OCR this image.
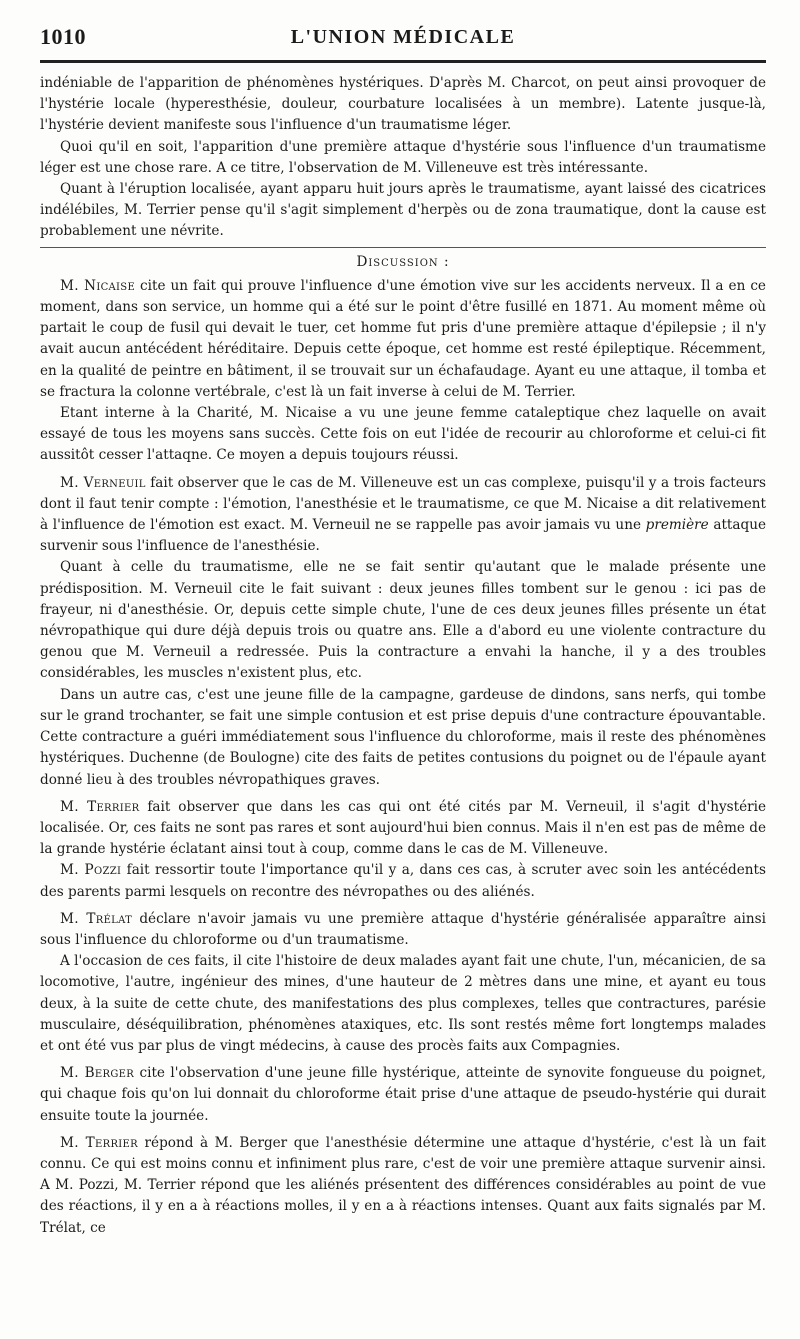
1010	L'UNION MÉDICALE

indéniable de l'apparition de phénomènes hystériques. D'après M. Charcot, on peut ainsi provoquer de l'hystérie locale (hyperesthésie, douleur, courbature localisées à un membre). Latente jusque-là, l'hystérie devient manifeste sous l'influence d'un traumatisme léger.

Quoi qu'il en soit, l'apparition d'une première attaque d'hystérie sous l'influence d'un traumatisme léger est une chose rare. A ce titre, l'observation de M. Villeneuve est très intéressante.

Quant à l'éruption localisée, ayant apparu huit jours après le traumatisme, ayant laissé des cicatrices indélébiles, M. Terrier pense qu'il s'agit simplement d'herpès ou de zona traumatique, dont la cause est probablement une névrite.

Discussion :

M. Nicaise cite un fait qui prouve l'influence d'une émotion vive sur les accidents nerveux. Il a en ce moment, dans son service, un homme qui a été sur le point d'être fusillé en 1871. Au moment même où partait le coup de fusil qui devait le tuer, cet homme fut pris d'une première attaque d'épilepsie ; il n'y avait aucun antécédent héréditaire. Depuis cette époque, cet homme est resté épileptique. Récemment, en la qualité de peintre en bâtiment, il se trouvait sur un échafaudage. Ayant eu une attaque, il tomba et se fractura la colonne vertébrale, c'est là un fait inverse à celui de M. Terrier.

Etant interne à la Charité, M. Nicaise a vu une jeune femme cataleptique chez laquelle on avait essayé de tous les moyens sans succès. Cette fois on eut l'idée de recourir au chloroforme et celui-ci fit aussitôt cesser l'attaqne. Ce moyen a depuis toujours réussi.

M. Verneuil fait observer que le cas de M. Villeneuve est un cas complexe, puisqu'il y a trois facteurs dont il faut tenir compte : l'émotion, l'anesthésie et le traumatisme, ce que M. Nicaise a dit relativement à l'influence de l'émotion est exact. M. Verneuil ne se rappelle pas avoir jamais vu une première attaque survenir sous l'influence de l'anesthésie.

Quant à celle du traumatisme, elle ne se fait sentir qu'autant que le malade présente une prédisposition. M. Verneuil cite le fait suivant : deux jeunes filles tombent sur le genou : ici pas de frayeur, ni d'anesthésie. Or, depuis cette simple chute, l'une de ces deux jeunes filles présente un état névropathique qui dure déjà depuis trois ou quatre ans. Elle a d'abord eu une violente contracture du genou que M. Verneuil a redressée. Puis la contracture a envahi la hanche, il y a des troubles considérables, les muscles n'existent plus, etc.

Dans un autre cas, c'est une jeune fille de la campagne, gardeuse de dindons, sans nerfs, qui tombe sur le grand trochanter, se fait une simple contusion et est prise depuis d'une contracture épouvantable. Cette contracture a guéri immédiatement sous l'influence du chloroforme, mais il reste des phénomènes hystériques. Duchenne (de Boulogne) cite des faits de petites contusions du poignet ou de l'épaule ayant donné lieu à des troubles névropathiques graves.

M. Terrier fait observer que dans les cas qui ont été cités par M. Verneuil, il s'agit d'hystérie localisée. Or, ces faits ne sont pas rares et sont aujourd'hui bien connus. Mais il n'en est pas de même de la grande hystérie éclatant ainsi tout à coup, comme dans le cas de M. Villeneuve.

M. Pozzi fait ressortir toute l'importance qu'il y a, dans ces cas, à scruter avec soin les antécédents des parents parmi lesquels on recontre des névropathes ou des aliénés.

M. Trélat déclare n'avoir jamais vu une première attaque d'hystérie généralisée apparaître ainsi sous l'influence du chloroforme ou d'un traumatisme.

A l'occasion de ces faits, il cite l'histoire de deux malades ayant fait une chute, l'un, mécanicien, de sa locomotive, l'autre, ingénieur des mines, d'une hauteur de 2 mètres dans une mine, et ayant eu tous deux, à la suite de cette chute, des manifestations des plus complexes, telles que contractures, parésie musculaire, déséquilibration, phénomènes ataxiques, etc. Ils sont restés même fort longtemps malades et ont été vus par plus de vingt médecins, à cause des procès faits aux Compagnies.

M. Berger cite l'observation d'une jeune fille hystérique, atteinte de synovite fongueuse du poignet, qui chaque fois qu'on lui donnait du chloroforme était prise d'une attaque de pseudo-hystérie qui durait ensuite toute la journée.

M. Terrier répond à M. Berger que l'anesthésie détermine une attaque d'hystérie, c'est là un fait connu. Ce qui est moins connu et infiniment plus rare, c'est de voir une première attaque survenir ainsi. A M. Pozzi, M. Terrier répond que les aliénés présentent des différences considérables au point de vue des réactions, il y en a à réactions molles, il y en a à réactions intenses. Quant aux faits signalés par M. Trélat, ce
